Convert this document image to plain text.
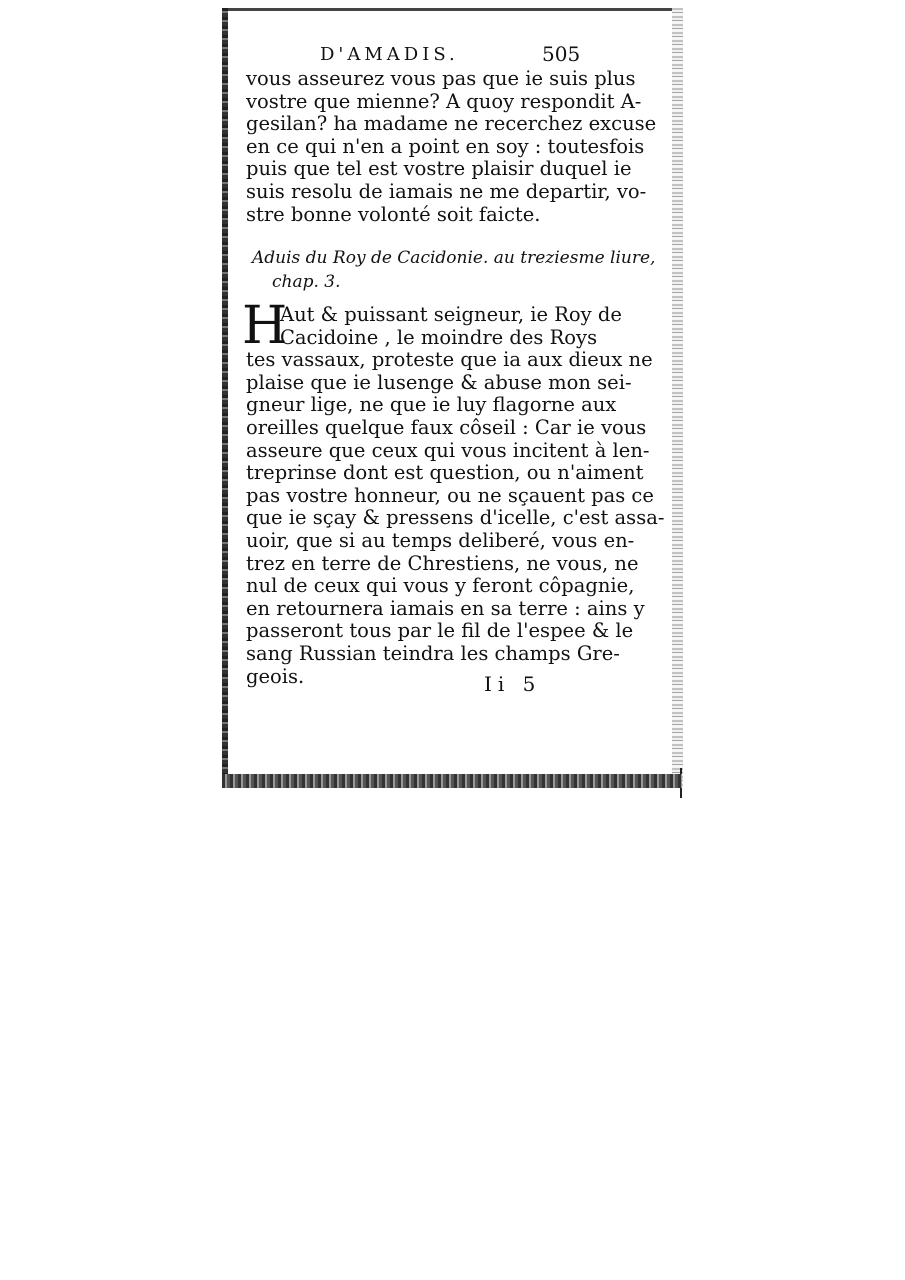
D'AMADIS.	505
vous asseurez vous pas que ie suis plus
vostre que mienne? A quoy respondit A-
gesilan? ha madame ne recerchez excuse
en ce qui n'en a point en soy : toutesfois
puis que tel est vostre plaisir duquel ie
suis resolu de iamais ne me departir, vo-
stre bonne volonté soit faicte.
Aduis du Roy de Cacidonie. au treziesme liure,
chap. 3.
H
Aut & puissant seigneur, ie Roy de
Cacidoine , le moindre des Roys
tes vassaux, proteste que ia aux dieux ne
plaise que ie lusenge & abuse mon sei-
gneur lige, ne que ie luy flagorne aux
oreilles quelque faux côseil : Car ie vous
asseure que ceux qui vous incitent à len-
treprinse dont est question, ou n'aiment
pas vostre honneur, ou ne sçauent pas ce
que ie sçay & pressens d'icelle, c'est assa-
uoir, que si au temps deliberé, vous en-
trez en terre de Chrestiens, ne vous, ne
nul de ceux qui vous y feront côpagnie,
en retournera iamais en sa terre : ains y
passeront tous par le fil de l'espee & le
sang Russian teindra les champs Gre-
geois.	Ii 5
